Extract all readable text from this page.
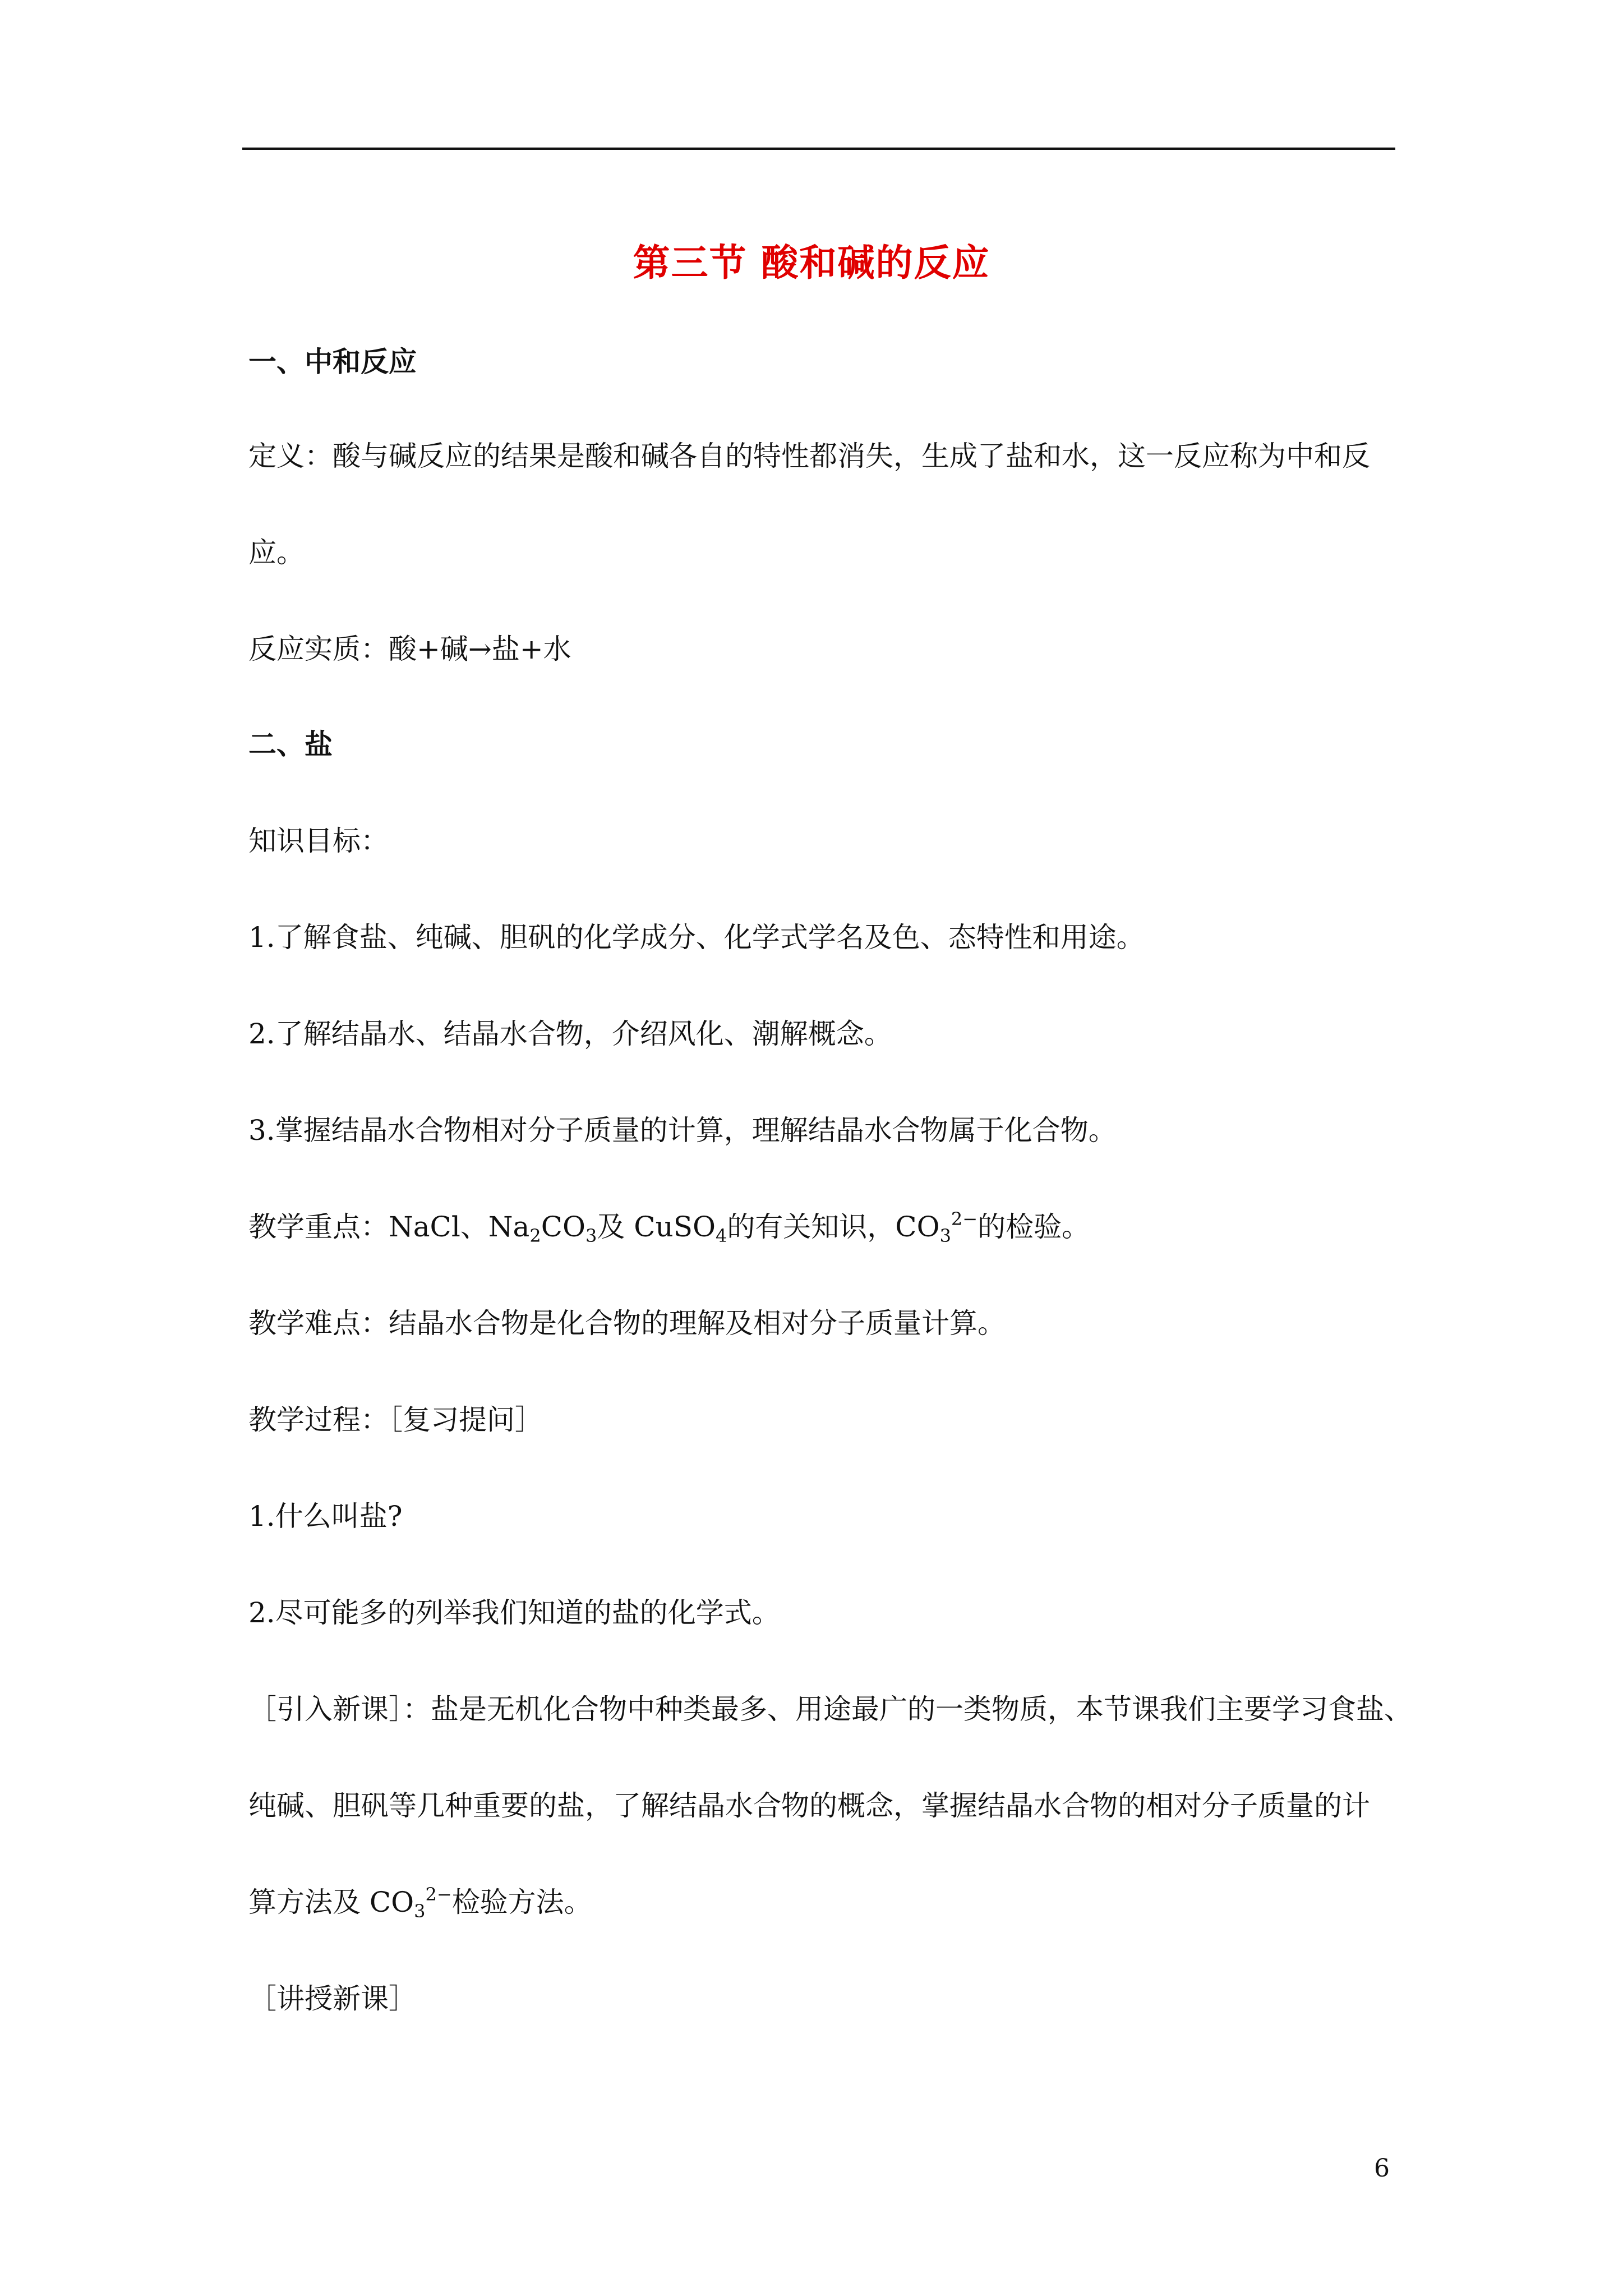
第三节 酸和碱的反应
一、中和反应
定义：酸与碱反应的结果是酸和碱各自的特性都消失，生成了盐和水，这一反应称为中和反
应。
反应实质：酸+碱→盐+水
二、盐
知识目标：
1.了解食盐、纯碱、胆矾的化学成分、化学式学名及色、态特性和用途。
2.了解结晶水、结晶水合物，介绍风化、潮解概念。
3.掌握结晶水合物相对分子质量的计算，理解结晶水合物属于化合物。
教学重点：NaCl、$Na_2CO_3$及 CuSO$_4$的有关知识，$CO_3^{2-}$的检验。
教学难点：结晶水合物是化合物的理解及相对分子质量计算。
教学过程：［复习提问］
1.什么叫盐?
2.尽可能多的列举我们知道的盐的化学式。
［引入新课］：盐是无机化合物中种类最多、用途最广的一类物质，本节课我们主要学习食盐、
纯碱、胆矾等几种重要的盐，了解结晶水合物的概念，掌握结晶水合物的相对分子质量的计
算方法及 $CO_3^{2-}$检验方法。
［讲授新课］
6
